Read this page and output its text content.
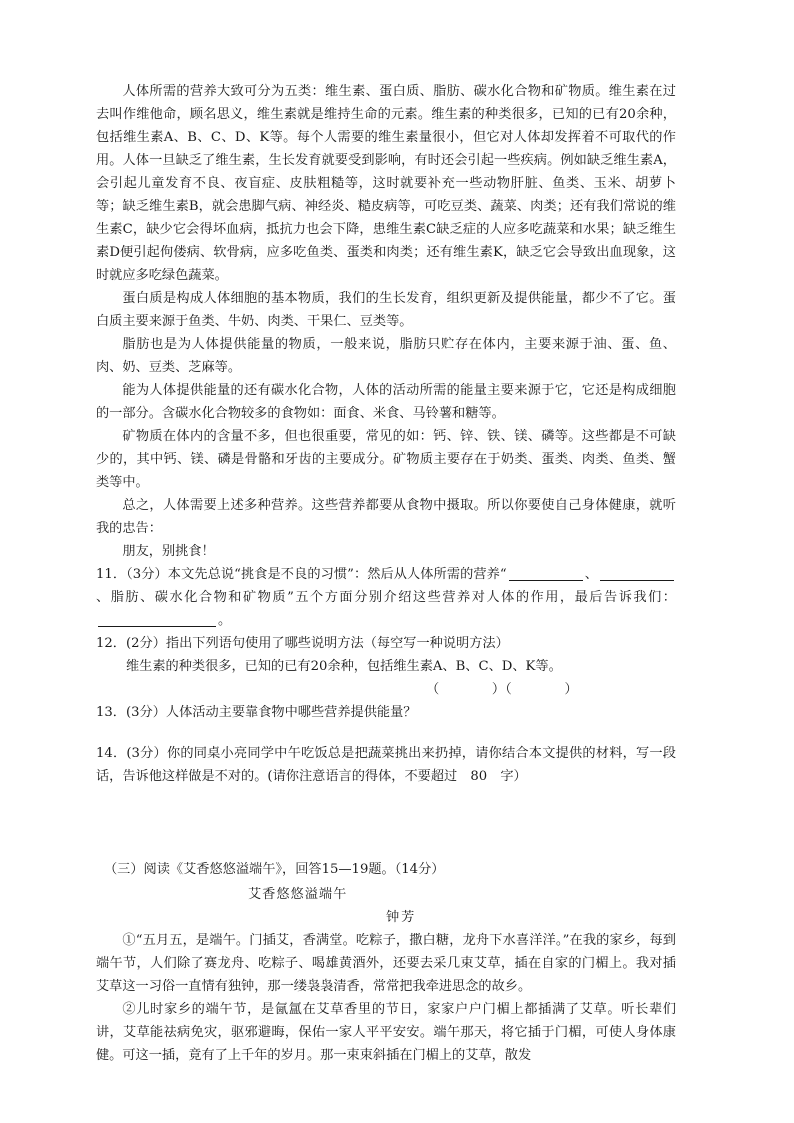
人体所需的营养大致可分为五类：维生素、蛋白质、脂肪、碳水化合物和矿物质。维生素在过去叫作维他命，顾名思义，维生素就是维持生命的元素。维生素的种类很多，已知的已有20余种，包括维生素A、B、C、D、K等。每个人需要的维生素量很小，但它对人体却发挥着不可取代的作用。人体一旦缺乏了维生素，生长发育就要受到影响，有时还会引起一些疾病。例如缺乏维生素A，会引起儿童发育不良、夜盲症、皮肤粗糙等，这时就要补充一些动物肝脏、鱼类、玉米、胡萝卜等；缺乏维生素B，就会患脚气病、神经炎、糙皮病等，可吃豆类、蔬菜、肉类；还有我们常说的维生素C，缺少它会得坏血病，抵抗力也会下降，患维生素C缺乏症的人应多吃蔬菜和水果；缺乏维生素D便引起佝偻病、软骨病，应多吃鱼类、蛋类和肉类；还有维生素K，缺乏它会导致出血现象，这时就应多吃绿色蔬菜。

蛋白质是构成人体细胞的基本物质，我们的生长发育，组织更新及提供能量，都少不了它。蛋白质主要来源于鱼类、牛奶、肉类、干果仁、豆类等。

脂肪也是为人体提供能量的物质，一般来说，脂肪只贮存在体内，主要来源于油、蛋、鱼、肉、奶、豆类、芝麻等。

能为人体提供能量的还有碳水化合物，人体的活动所需的能量主要来源于它，它还是构成细胞的一部分。含碳水化合物较多的食物如：面食、米食、马铃薯和糖等。

矿物质在体内的含量不多，但也很重要，常见的如：钙、锌、铁、镁、磷等。这些都是不可缺少的，其中钙、镁、磷是骨骼和牙齿的主要成分。矿物质主要存在于奶类、蛋类、肉类、鱼类、蟹类等中。

总之，人体需要上述多种营养。这些营养都要从食物中摄取。所以你要使自己身体健康，就听我的忠告：

朋友，别挑食！

11．（3分）本文先总说“挑食是不良的习惯”：然后从人体所需的营养“	、、脂肪、碳水化合物和矿物质”五个方面分别介绍这些营养对人体的作用，最后告诉我们：。

12．(2分）指出下列语句使用了哪些说明方法（每空写一种说明方法）

维生素的种类很多，已知的已有20余种，包括维生素A、B、C、D、K等。

（　　　　）（　　　　）

13．(3分）人体活动主要靠食物中哪些营养提供能量？

14．(3分）你的同桌小亮同学中午吃饭总是把蔬菜挑出来扔掉，请你结合本文提供的材料，写一段话，告诉他这样做是不对的。(请你注意语言的得体，不要超过　80　字）

（三）阅读《艾香悠悠溢端午》，回答15—19题。（14分）

艾香悠悠溢端午

钟芳

①“五月五，是端午。门插艾，香满堂。吃粽子，撒白糖，龙舟下水喜洋洋。”在我的家乡，每到端午节，人们除了赛龙舟、吃粽子、喝雄黄酒外，还要去采几束艾草，插在自家的门楣上。我对插艾草这一习俗一直情有独钟，那一缕袅袅清香，常常把我牵进思念的故乡。

②儿时家乡的端午节，是氤氲在艾草香里的节日，家家户户门楣上都插满了艾草。听长辈们讲，艾草能祛病免灾，驱邪避晦，保佑一家人平平安安。端午那天，将它插于门楣，可使人身体康健。可这一插，竟有了上千年的岁月。那一束束斜插在门楣上的艾草，散发
